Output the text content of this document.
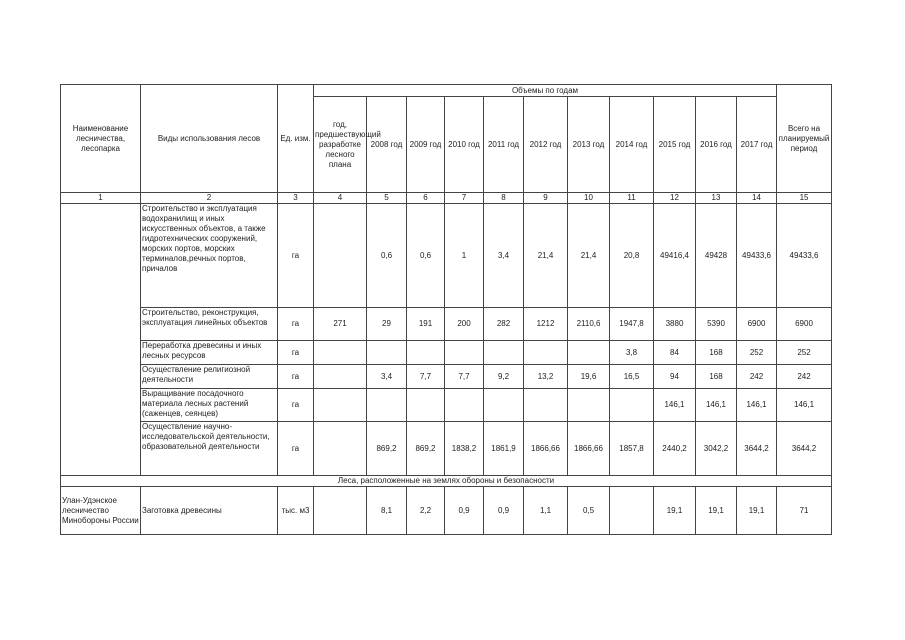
Наименование лесничества, лесопарка	Виды использования лесов	Ед. изм.	Объемы по годам											Всего на планируемый период
			год, предшествующий разработке лесного плана	2008 год	2009 год	2010 год	2011 год	2012 год	2013 год	2014 год	2015 год	2016 год	2017 год	
1	2	3	4	5	6	7	8	9	10	11	12	13	14	15
	Строительство и эксплуатация водохранилищ и иных искусственных объектов, а также гидротехнических сооружений, морских портов, морских терминалов,речных портов, причалов	га		0,6	0,6	1	3,4	21,4	21,4	20,8	49416,4	49428	49433,6	49433,6
	Строительство, реконструкция, эксплуатация линейных объектов	га	271	29	191	200	282	1212	2110,6	1947,8	3880	5390	6900	6900
	Переработка древесины и иных лесных ресурсов	га								3,8	84	168	252	252
	Осуществление религиозной деятельности	га		3,4	7,7	7,7	9,2	13,2	19,6	16,5	94	168	242	242
	Выращивание посадочного материала лесных растений (саженцев, сеянцев)	га									146,1	146,1	146,1	146,1
	Осуществление научно-исследовательской деятельности, образовательной деятельности	га		869,2	869,2	1838,2	1861,9	1866,66	1866,66	1857,8	2440,2	3042,2	3644,2	3644,2
Леса, расположенные на землях обороны и безопасности														
Улан-Удэнское лесничество Минобороны России	Заготовка древесины	тыс. м3		8,1	2,2	0,9	0,9	1,1	0,5		19,1	19,1	19,1	71
